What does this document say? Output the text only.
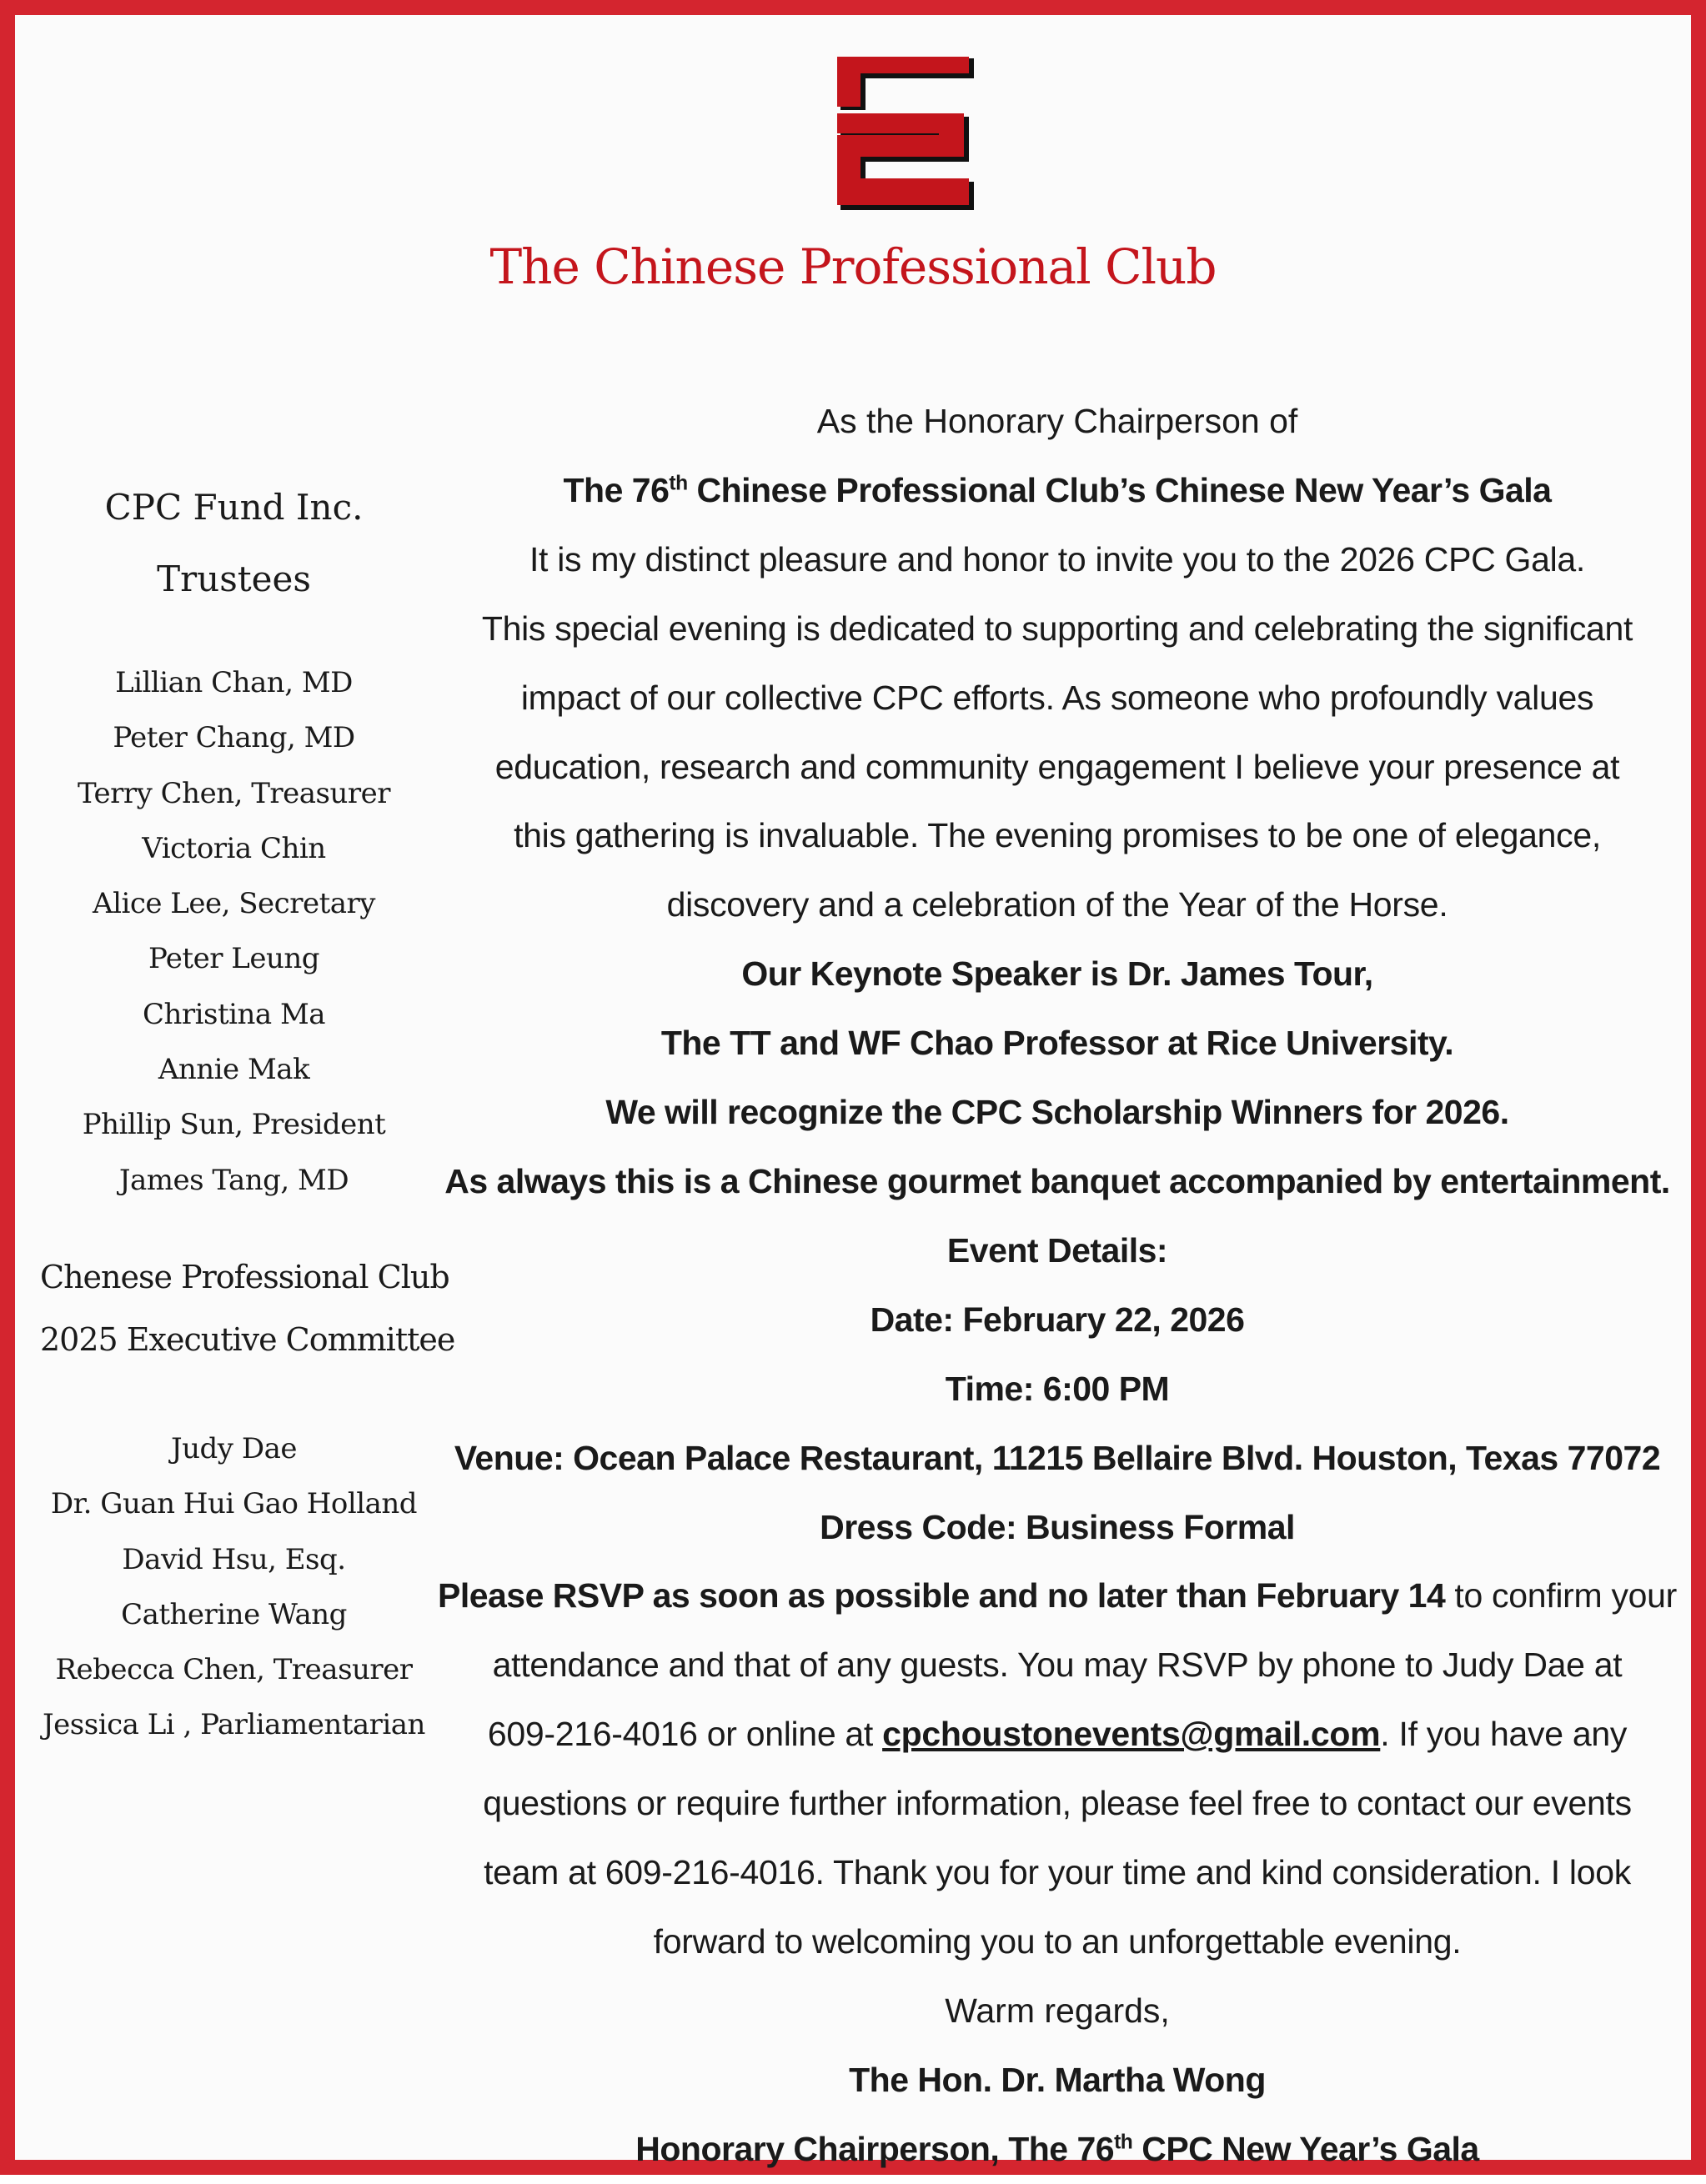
The Chinese Professional Club
CPC Fund Inc.
Trustees
Lillian Chan, MD
Peter Chang, MD
Terry Chen, Treasurer
Victoria Chin
Alice Lee, Secretary
Peter Leung
Christina Ma
Annie Mak
Phillip Sun, President
James Tang, MD
Chenese Professional Club
2025 Executive Committee
Judy Dae
Dr. Guan Hui Gao Holland
David Hsu, Esq.
Catherine Wang
Rebecca Chen, Treasurer
Jessica Li , Parliamentarian

As the Honorary Chairperson of

The 76th Chinese Professional Club’s Chinese New Year’s Gala

It is my distinct pleasure and honor to invite you to the 2026 CPC Gala.

This special evening is dedicated to supporting and celebrating the significant

impact of our collective CPC efforts. As someone who profoundly values

education, research and community engagement I believe your presence at

this gathering is invaluable. The evening promises to be one of elegance,

discovery and a celebration of the Year of the Horse.

Our Keynote Speaker is Dr. James Tour,

The TT and WF Chao Professor at Rice University.

We will recognize the CPC Scholarship Winners for 2026.

As always this is a Chinese gourmet banquet accompanied by entertainment.

Event Details:

Date: February 22, 2026

Time: 6:00 PM

Venue: Ocean Palace Restaurant, 11215 Bellaire Blvd. Houston, Texas 77072

Dress Code: Business Formal

Please RSVP as soon as possible and no later than February 14 to confirm your

attendance and that of any guests. You may RSVP by phone to Judy Dae at

609-216-4016 or online at cpchoustonevents@gmail.com. If you have any

questions or require further information, please feel free to contact our events

team at 609-216-4016. Thank you for your time and kind consideration. I look

forward to welcoming you to an unforgettable evening.

Warm regards,

The Hon. Dr. Martha Wong

Honorary Chairperson, The 76th CPC New Year’s Gala
